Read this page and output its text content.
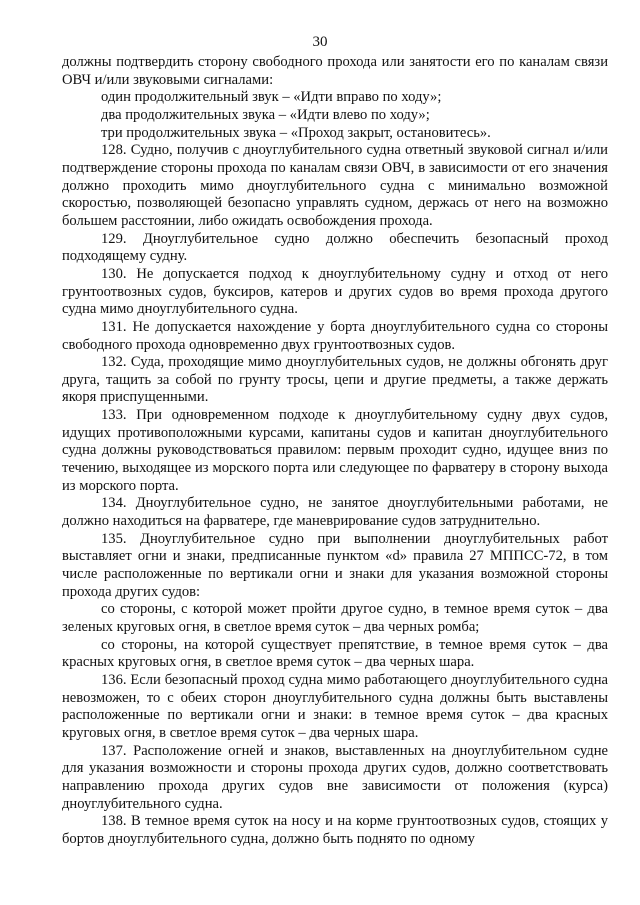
30

должны подтвердить сторону свободного прохода или занятости его по каналам связи ОВЧ и/или звуковыми сигналами:

один продолжительный звук – «Идти вправо по ходу»;

два продолжительных звука – «Идти влево по ходу»;

три продолжительных звука – «Проход закрыт, остановитесь».

128. Судно, получив с дноуглубительного судна ответный звуковой сигнал и/или подтверждение стороны прохода по каналам связи ОВЧ, в зависимости от его значения должно проходить мимо дноуглубительного судна с минимально возможной скоростью, позволяющей безопасно управлять судном, держась от него на возможно большем расстоянии, либо ожидать освобождения прохода.

129. Дноуглубительное судно должно обеспечить безопасный проход подходящему судну.

130. Не допускается подход к дноуглубительному судну и отход от него грунтоотвозных судов, буксиров, катеров и других судов во время прохода другого судна мимо дноуглубительного судна.

131. Не допускается нахождение у борта дноуглубительного судна со стороны свободного прохода одновременно двух грунтоотвозных судов.

132. Суда, проходящие мимо дноуглубительных судов, не должны обгонять друг друга, тащить за собой по грунту тросы, цепи и другие предметы, а также держать якоря приспущенными.

133. При одновременном подходе к дноуглубительному судну двух судов, идущих противоположными курсами, капитаны судов и капитан дноуглубительного судна должны руководствоваться правилом: первым проходит судно, идущее вниз по течению, выходящее из морского порта или следующее по фарватеру в сторону выхода из морского порта.

134. Дноуглубительное судно, не занятое дноуглубительными работами, не должно находиться на фарватере, где маневрирование судов затруднительно.

135. Дноуглубительное судно при выполнении дноуглубительных работ выставляет огни и знаки, предписанные пунктом «d» правила 27 МППСС-72, в том числе расположенные по вертикали огни и знаки для указания возможной стороны прохода других судов:

со стороны, с которой может пройти другое судно, в темное время суток – два зеленых круговых огня, в светлое время суток – два черных ромба;

со стороны, на которой существует препятствие, в темное время суток – два красных круговых огня, в светлое время суток – два черных шара.

136. Если безопасный проход судна мимо работающего дноуглубительного судна невозможен, то с обеих сторон дноуглубительного судна должны быть выставлены расположенные по вертикали огни и знаки: в темное время суток – два красных круговых огня, в светлое время суток – два черных шара.

137. Расположение огней и знаков, выставленных на дноуглубительном судне для указания возможности и стороны прохода других судов, должно соответствовать направлению прохода других судов вне зависимости от положения (курса) дноуглубительного судна.

138. В темное время суток на носу и на корме грунтоотвозных судов, стоящих у бортов дноуглубительного судна, должно быть поднято по одному
